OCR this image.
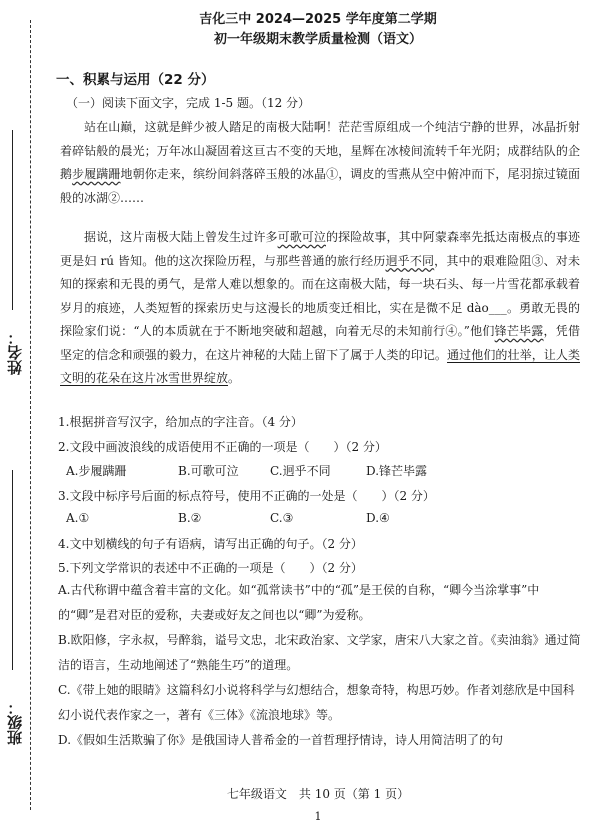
姓名：
班级：
吉化三中 2024—2025 学年度第二学期
初一年级期末教学质量检测（语文）
一、积累与运用（22 分）
（一）阅读下面文字，完成 1-5 题。（12 分）

站在山巅，这就是鲜少被人踏足的南极大陆啊！茫茫雪原组成一个纯洁宁静的世界，冰晶折射着碎钻般的晨光；万年冰山凝固着这亘古不变的天地，星辉在冰棱间流转千年光阴；成群结队的企鹅步履蹒跚地朝你走来，缤纷间斜落碎玉般的冰晶①，调皮的雪燕从空中俯冲而下，尾羽掠过镜面般的冰湖②……

据说，这片南极大陆上曾发生过许多可歌可泣的探险故事，其中阿蒙森率先抵达南极点的事迹更是妇 rú 皆知。他的这次探险历程，与那些普通的旅行经历迥乎不同，其中的艰难险阻③、对未知的探索和无畏的勇气，是常人难以想象的。而在这南极大陆，每一块石头、每一片雪花都承载着岁月的痕迹，人类短暂的探索历史与这漫长的地质变迁相比，实在是微不足 dào___。勇敢无畏的探险家们说：“人的本质就在于不断地突破和超越，向着无尽的未知前行④。”他们锋芒毕露，凭借坚定的信念和顽强的毅力，在这片神秘的大陆上留下了属于人类的印记。通过他们的壮举，让人类文明的花朵在这片冰雪世界绽放。

1.根据拼音写汉字，给加点的字注音。（4 分）
2.文段中画波浪线的成语使用不正确的一项是（　　）（2 分）
A.步履蹒跚	B.可歌可泣	C.迥乎不同	D.锋芒毕露
3.文段中标序号后面的标点符号，使用不正确的一处是（　　）（2 分）
A.①	B.②	C.③	D.④
4.文中划横线的句子有语病，请写出正确的句子。（2 分）
5.下列文学常识的表述中不正确的一项是（　　）（2 分）
A.古代称谓中蕴含着丰富的文化。如“孤常读书”中的“孤”是王侯的自称，“卿今当涂掌事”中的“卿”是君对臣的爱称，夫妻或好友之间也以“卿”为爱称。
B.欧阳修，字永叔，号醉翁，谥号文忠，北宋政治家、文学家，唐宋八大家之首。《卖油翁》通过简洁的语言，生动地阐述了“熟能生巧”的道理。
C.《带上她的眼睛》这篇科幻小说将科学与幻想结合，想象奇特，构思巧妙。作者刘慈欣是中国科幻小说代表作家之一，著有《三体》《流浪地球》等。
D.《假如生活欺骗了你》是俄国诗人普希金的一首哲理抒情诗，诗人用简洁明了的句
七年级语文　共 10 页（第 1 页）
1
